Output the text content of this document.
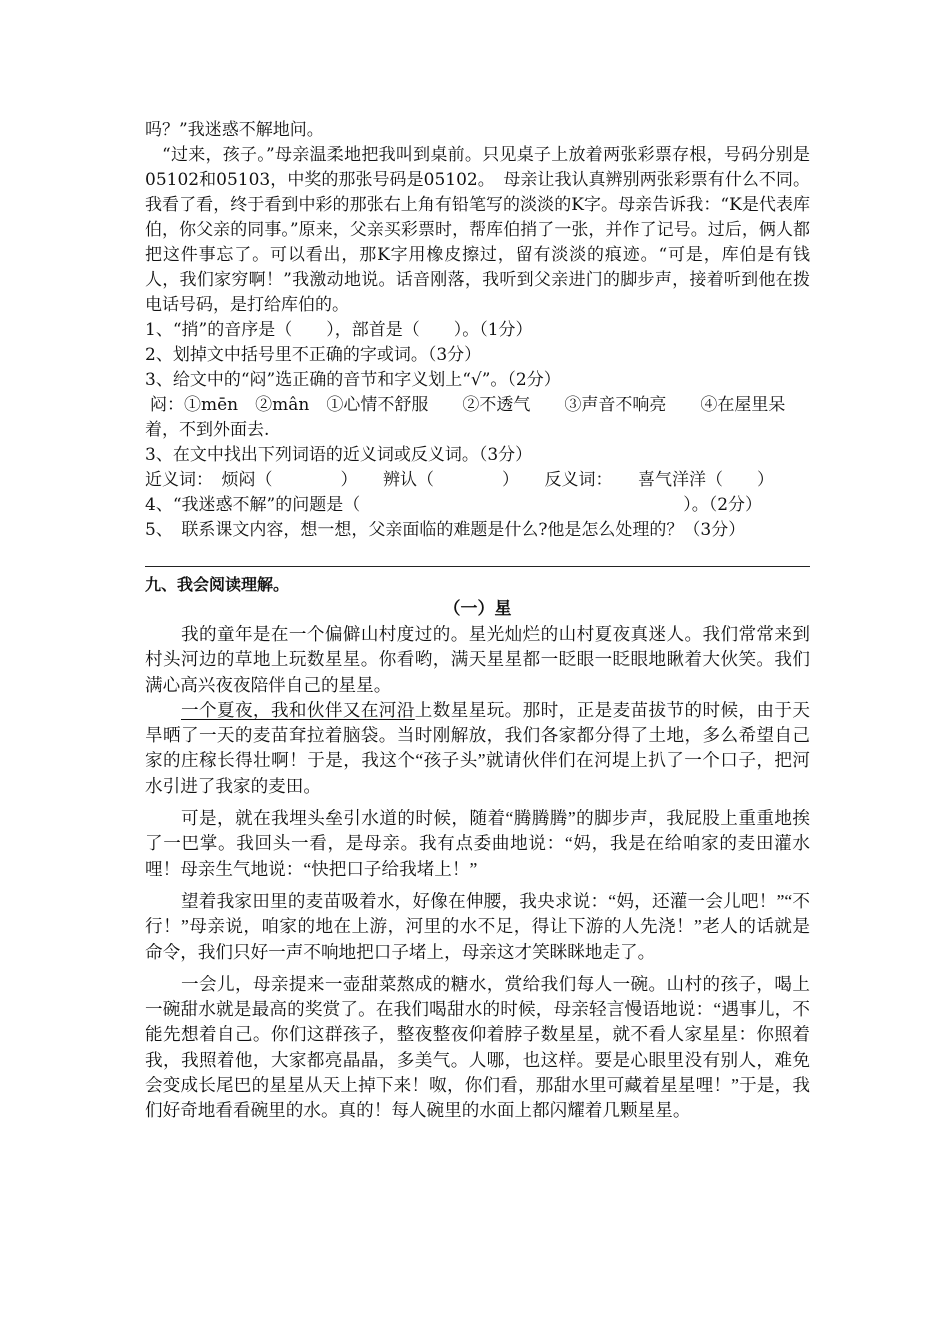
吗？”我迷惑不解地问。

“过来，孩子。”母亲温柔地把我叫到桌前。只见桌子上放着两张彩票存根，号码分别是05102和05103，中奖的那张号码是05102。　母亲让我认真辨别两张彩票有什么不同。我看了看，终于看到中彩的那张右上角有铅笔写的淡淡的K字。母亲告诉我：“K是代表库伯，你父亲的同事。”原来，父亲买彩票时，帮库伯捎了一张，并作了记号。过后，俩人都把这件事忘了。可以看出，那K字用橡皮擦过，留有淡淡的痕迹。“可是，库伯是有钱人，我们家穷啊！”我激动地说。话音刚落，我听到父亲进门的脚步声，接着听到他在拨电话号码，是打给库伯的。

1、“捎”的音序是（　　），部首是（　　）。（1分）

2、划掉文中括号里不正确的字或词。（3分）

3、给文中的“闷”选正确的音节和字义划上“√”。（2分）

闷：①mēn　②mân　①心情不舒服　　②不透气　　③声音不响亮　　④在屋里呆着，不到外面去.

3、在文中找出下列词语的近义词或反义词。（3分）

近义词：　烦闷（　　　　）　　辨认（　　　　）　　反义词：　　喜气洋洋（　　）　4、“我迷惑不解”的问题是（　　　　　　　　　　　　　　　　　　　）。（2分）

5、　联系课文内容，想一想，父亲面临的难题是什么?他是怎么处理的？（3分）

九、我会阅读理解。

（一）星

我的童年是在一个偏僻山村度过的。星光灿烂的山村夏夜真迷人。我们常常来到村头河边的草地上玩数星星。你看哟，满天星星都一眨眼一眨眼地瞅着大伙笑。我们满心高兴夜夜陪伴自己的星星。

一个夏夜，我和伙伴又在河沿上数星星玩。那时，正是麦苗拔节的时候，由于天旱晒了一天的麦苗耷拉着脑袋。当时刚解放，我们各家都分得了土地，多么希望自己家的庄稼长得壮啊！于是，我这个“孩子头”就请伙伴们在河堤上扒了一个口子，把河水引进了我家的麦田。

可是，就在我埋头垒引水道的时候，随着“腾腾腾”的脚步声，我屁股上重重地挨了一巴掌。我回头一看，是母亲。我有点委曲地说：“妈，我是在给咱家的麦田灌水哩！母亲生气地说：“快把口子给我堵上！”

望着我家田里的麦苗吸着水，好像在伸腰，我央求说：“妈，还灌一会儿吧！”“不行！”母亲说，咱家的地在上游，河里的水不足，得让下游的人先浇！”老人的话就是命令，我们只好一声不响地把口子堵上，母亲这才笑眯眯地走了。

一会儿，母亲提来一壶甜菜熬成的糖水，赏给我们每人一碗。山村的孩子，喝上一碗甜水就是最高的奖赏了。在我们喝甜水的时候，母亲轻言慢语地说：“遇事儿，不能先想着自己。你们这群孩子，整夜整夜仰着脖子数星星，就不看人家星星：你照着我，我照着他，大家都亮晶晶，多美气。人哪，也这样。要是心眼里没有别人，难免会变成长尾巴的星星从天上掉下来！呶，你们看，那甜水里可藏着星星哩！”于是，我们好奇地看看碗里的水。真的！每人碗里的水面上都闪耀着几颗星星。
